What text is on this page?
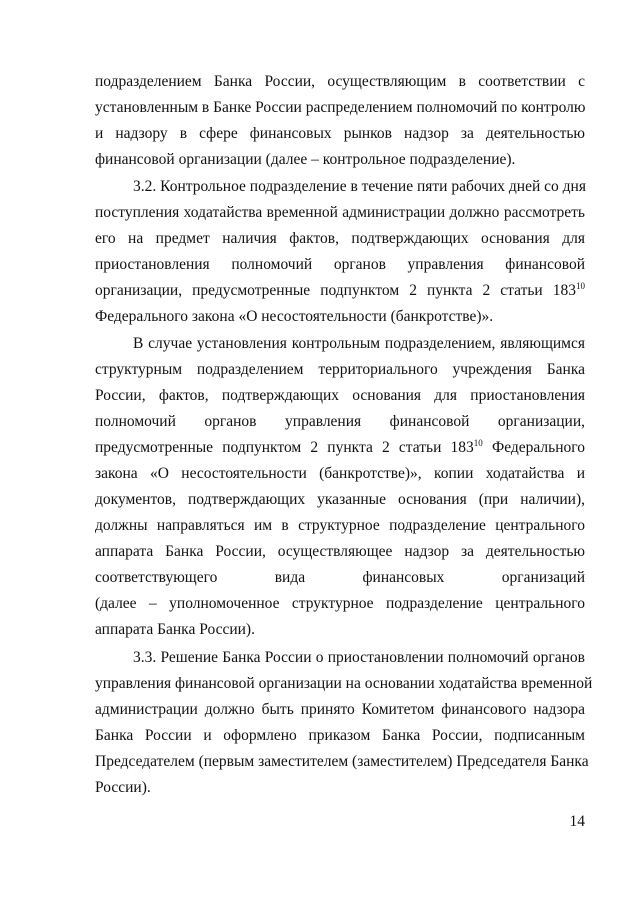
подразделением Банка России, осуществляющим в соответствии с
установленным в Банке России распределением полномочий по контролю
и надзору в сфере финансовых рынков надзор за деятельностью
финансовой организации (далее – контрольное подразделение).
3.2. Контрольное подразделение в течение пяти рабочих дней со дня
поступления ходатайства временной администрации должно рассмотреть
его на предмет наличия фактов, подтверждающих основания для
приостановления полномочий органов управления финансовой
организации, предусмотренные подпунктом 2 пункта 2 статьи $183^{10}$
Федерального закона «О несостоятельности (банкротстве)».
В случае установления контрольным подразделением, являющимся
структурным подразделением территориального учреждения Банка
России, фактов, подтверждающих основания для приостановления
полномочий органов управления финансовой организации,
предусмотренные подпунктом 2 пункта 2 статьи $183^{10}$ Федерального
закона «О несостоятельности (банкротстве)», копии ходатайства и
документов, подтверждающих указанные основания (при наличии),
должны направляться им в структурное подразделение центрального
аппарата Банка России, осуществляющее надзор за деятельностью
соответствующего вида финансовых организаций
(далее – уполномоченное структурное подразделение центрального
аппарата Банка России).
3.3. Решение Банка России о приостановлении полномочий органов
управления финансовой организации на основании ходатайства временной
администрации должно быть принято Комитетом финансового надзора
Банка России и оформлено приказом Банка России, подписанным
Председателем (первым заместителем (заместителем) Председателя Банка
России).
14
